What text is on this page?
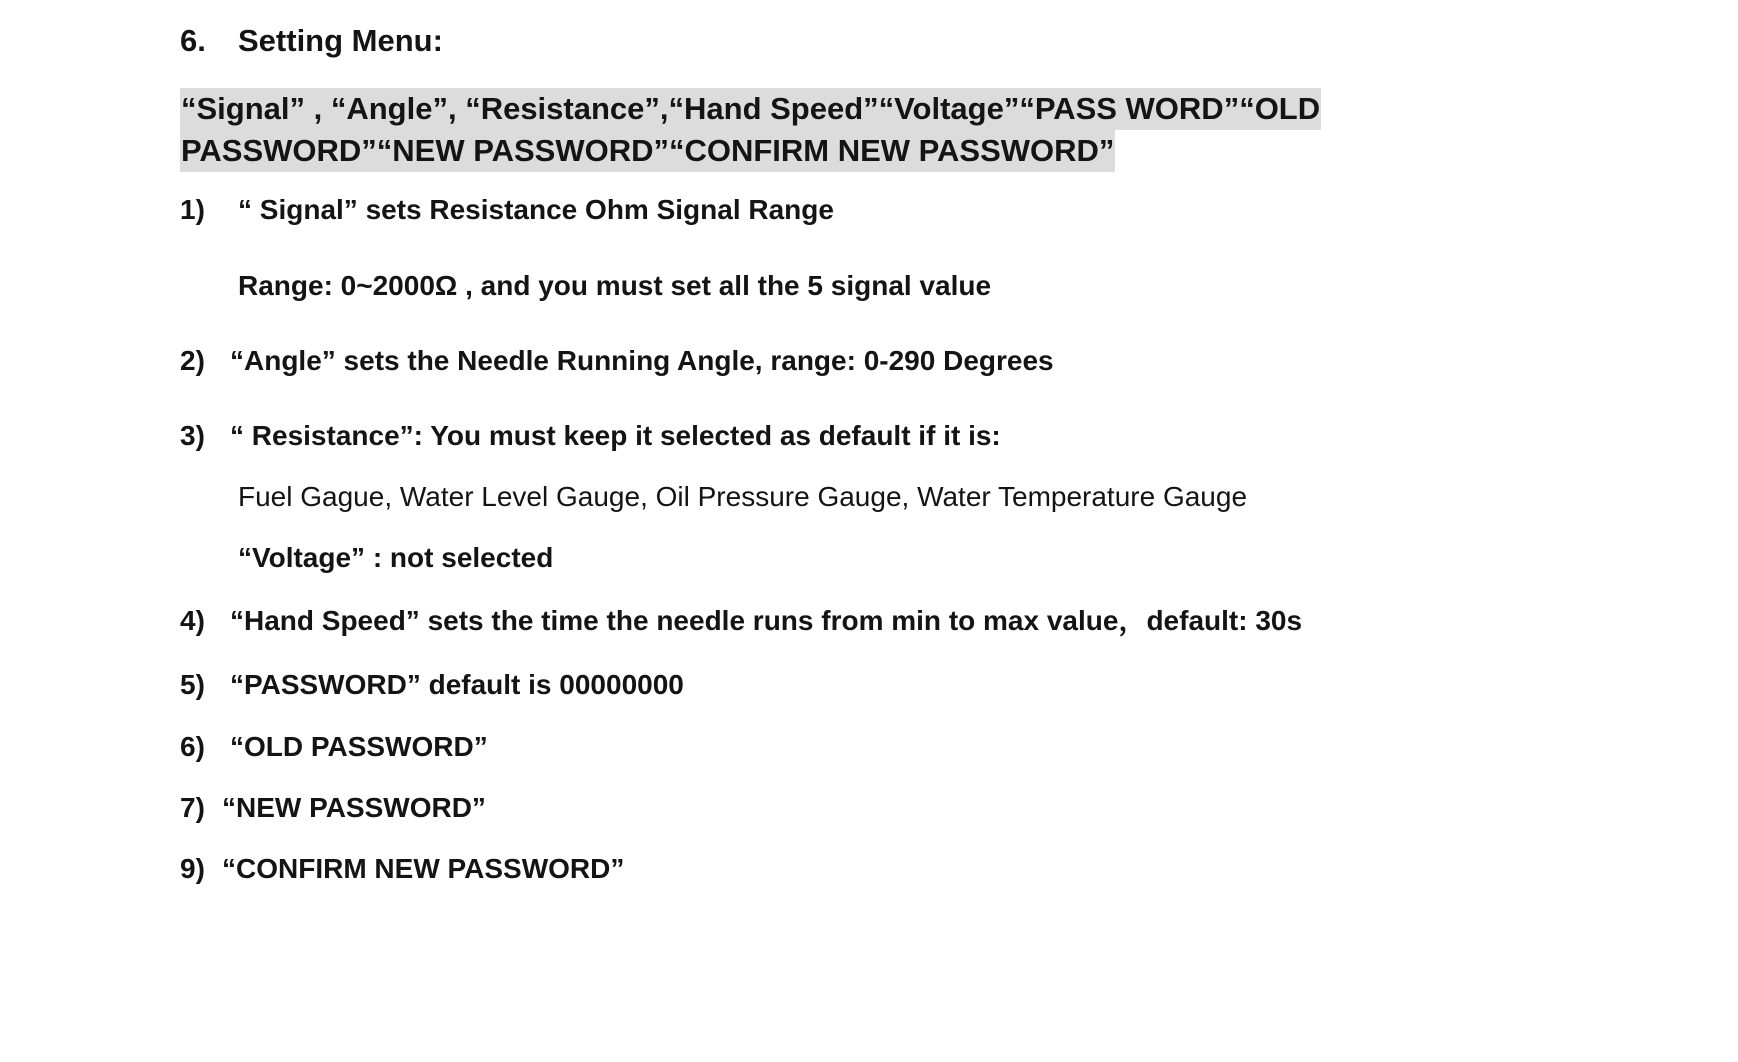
6. Setting Menu:
“Signal” , “Angle”, “Resistance”,“Hand Speed”“Voltage”“PASS WORD”“OLD
PASSWORD”“NEW PASSWORD”“CONFIRM NEW PASSWORD”
1) “ Signal” sets Resistance Ohm Signal Range
Range: 0~2000Ω , and you must set all the 5 signal value
2) “Angle” sets the Needle Running Angle, range: 0-290 Degrees
3) “ Resistance”: You must keep it selected as default if it is:
Fuel Gague, Water Level Gauge, Oil Pressure Gauge, Water Temperature Gauge
“Voltage” : not selected
4) “Hand Speed” sets the time the needle runs from min to max value，default: 30s
5) “PASSWORD” default is 00000000
6) “OLD PASSWORD”
7) “NEW PASSWORD”
9) “CONFIRM NEW PASSWORD”
